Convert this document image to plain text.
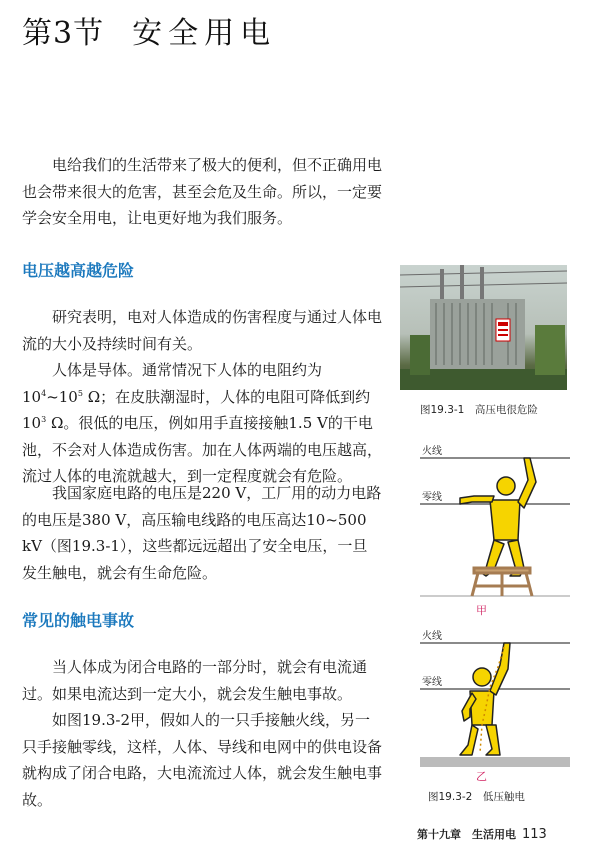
第3节 安全用电

电给我们的生活带来了极大的便利，但不正确用电也会带来很大的危害，甚至会危及生命。所以，一定要学会安全用电，让电更好地为我们服务。

电压越高越危险

研究表明，电对人体造成的伤害程度与通过人体电流的大小及持续时间有关。

人体是导体。通常情况下人体的电阻约为$10^4\sim 10^5$ Ω；在皮肤潮湿时，人体的电阻可降低到约$10^3$ Ω。很低的电压，例如用手直接接触1.5 V的干电池，不会对人体造成伤害。加在人体两端的电压越高，流过人体的电流就越大，到一定程度就会有危险。

我国家庭电路的电压是220 V，工厂用的动力电路的电压是380 V，高压输电线路的电压高达10~500 kV（图19.3-1），这些都远远超出了安全电压，一旦发生触电，就会有生命危险。

常见的触电事故

当人体成为闭合电路的一部分时，就会有电流通过。如果电流达到一定大小，就会发生触电事故。

如图19.3-2甲，假如人的一只手接触火线，另一只手接触零线，这样，人体、导线和电网中的供电设备就构成了闭合电路，大电流流过人体，就会发生触电事故。

图19.3-1　高压电很危险
火线
零线
甲
火线
零线
乙
图19.3-2　低压触电
第十九章　生活用电 113
